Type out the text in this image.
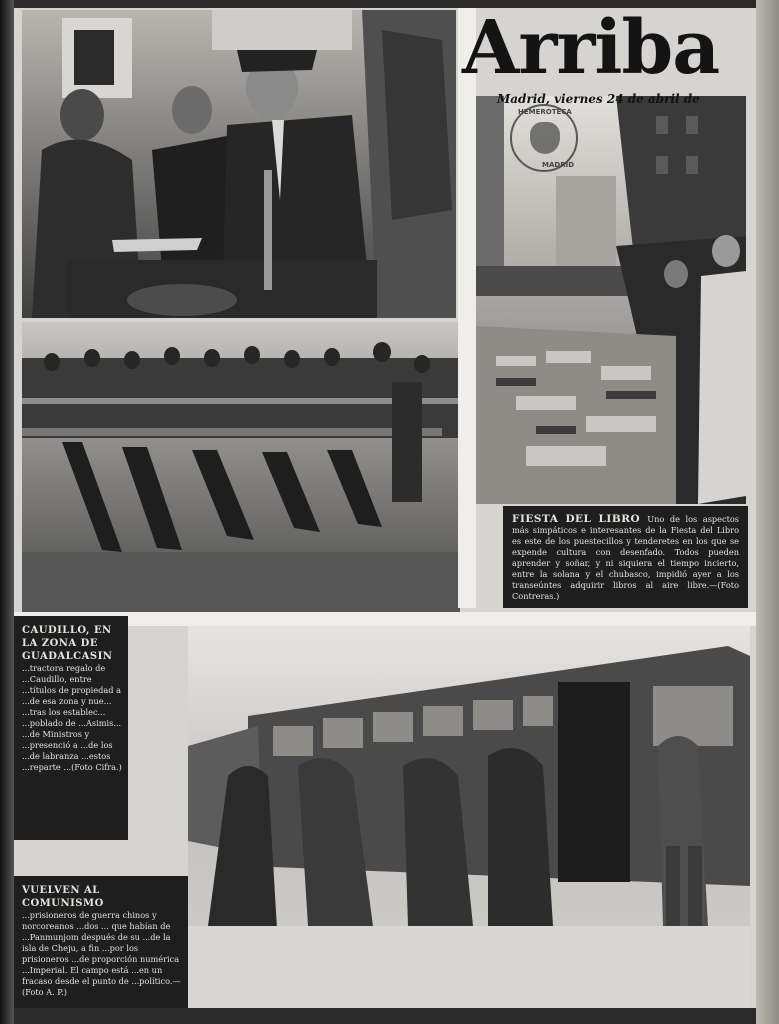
Arriba
Madrid, viernes 24 de abril de
HEMEROTECA
MADRID
FIESTA DEL LIBRO Uno de los aspectos más simpáticos e interesantes de la Fiesta del Libro es este de los puestecillos y tenderetes en los que se expende cultura con desenfado. Todos pueden aprender y soñar, y ni siquiera el tiempo incierto, entre la solana y el chubasco, impidió ayer a los transeúntes adquirir libros al aire libre.—(Foto Contreras.)
CAUDILLO, EN LA ZONA DE GUADALCASIN
...tractora regalo de ...Caudillo, entre ...títulos de propiedad a ...de esa zona y nue... ...tras los establec... ...poblado de ...Asimis... ...de Ministros y ...presenció a ...de los ...de labranza ...estos ...reparte ...(Foto Cifra.)
VUELVEN AL COMUNISMO
...prisioneros de guerra chinos y norcoreanos ...dos ... que habían de ...Panmunjom después de su ...de la isla de Cheju, a fin ...por los prisioneros ...de proporción numérica ...Imperial. El campo está ...en un fracaso desde el punto de ...político.—(Foto A. P.)
